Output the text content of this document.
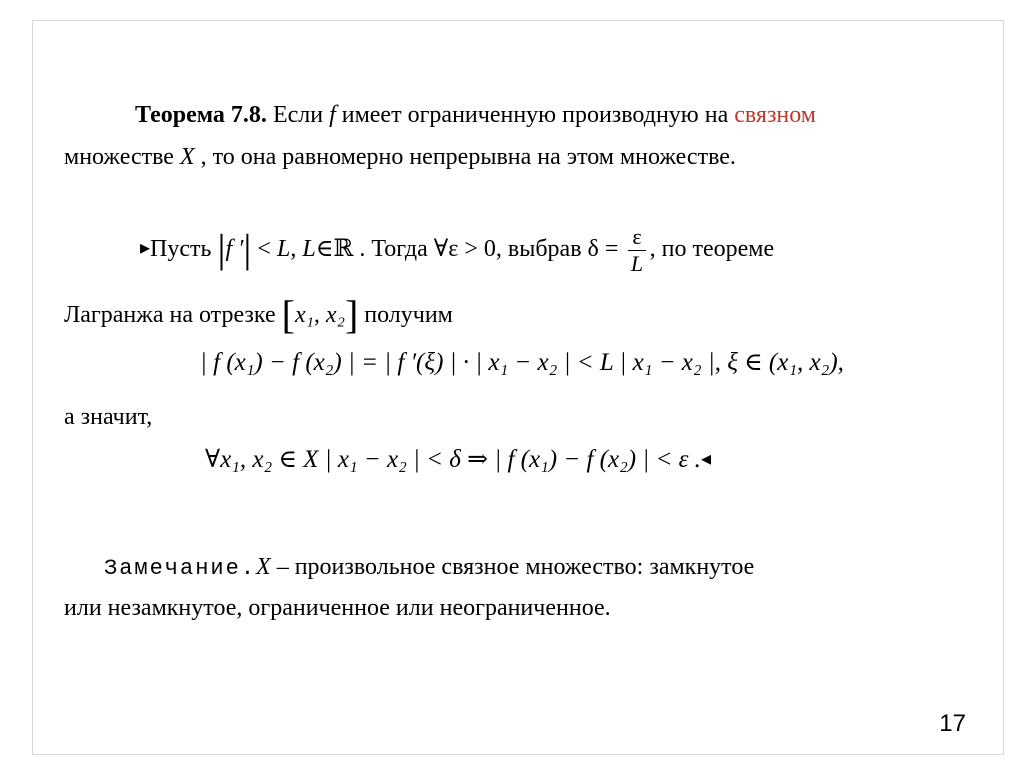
Теорема 7.8. Если f имеет ограниченную производную на связном
множестве X , то она равномерно непрерывна на этом множестве.
▸Пусть |f ′| < L, L∈ℝ . Тогда ∀ε > 0, выбрав $\delta = \frac{\varepsilon}{L}$ , по теореме
Лагранжа на отрезке [x₁, x₂] получим
| f (x₁) − f (x₂) | = | f ′(ξ) | · | x₁ − x₂ | < L | x₁ − x₂ |, ξ ∈ (x₁, x₂),
а значит,
∀x₁, x₂ ∈ X | x₁ − x₂ | < δ ⇒ | f (x₁) − f (x₂) | < ε .◂
Замечание.X – произвольное связное множество: замкнутое
или незамкнутое, ограниченное или неограниченное.
17
